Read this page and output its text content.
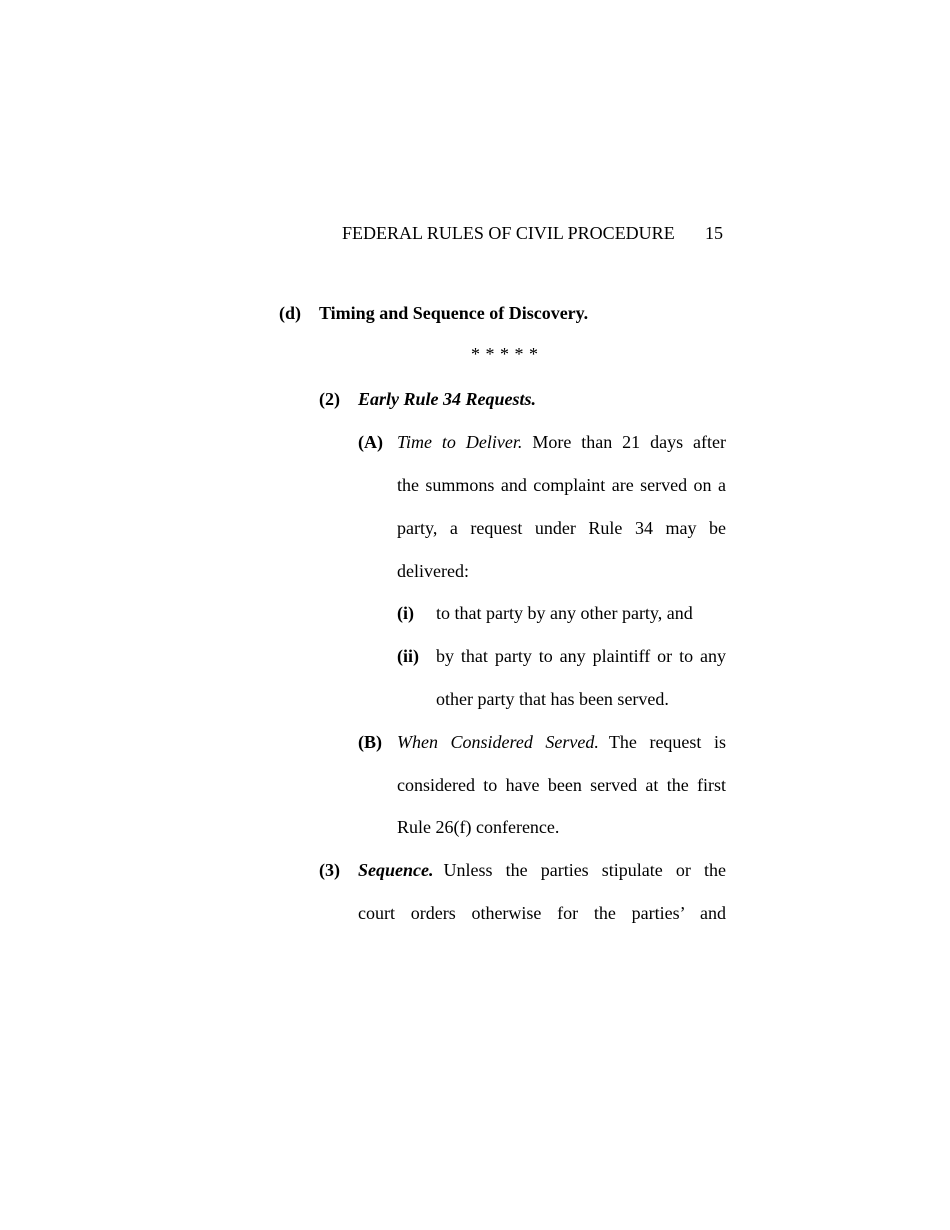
FEDERAL RULES OF CIVIL PROCEDURE 15
(d) Timing and Sequence of Discovery.
* * * * *
(2) Early Rule 34 Requests.
(A) Time to Deliver. More than 21 days after
the summons and complaint are served on a
party, a request under Rule 34 may be
delivered:
(i) to that party by any other party, and
(ii) by that party to any plaintiff or to any
other party that has been served.
(B) When Considered Served. The request is
considered to have been served at the first
Rule 26(f) conference.
(3) Sequence. Unless the parties stipulate or the
court orders otherwise for the parties’ and
